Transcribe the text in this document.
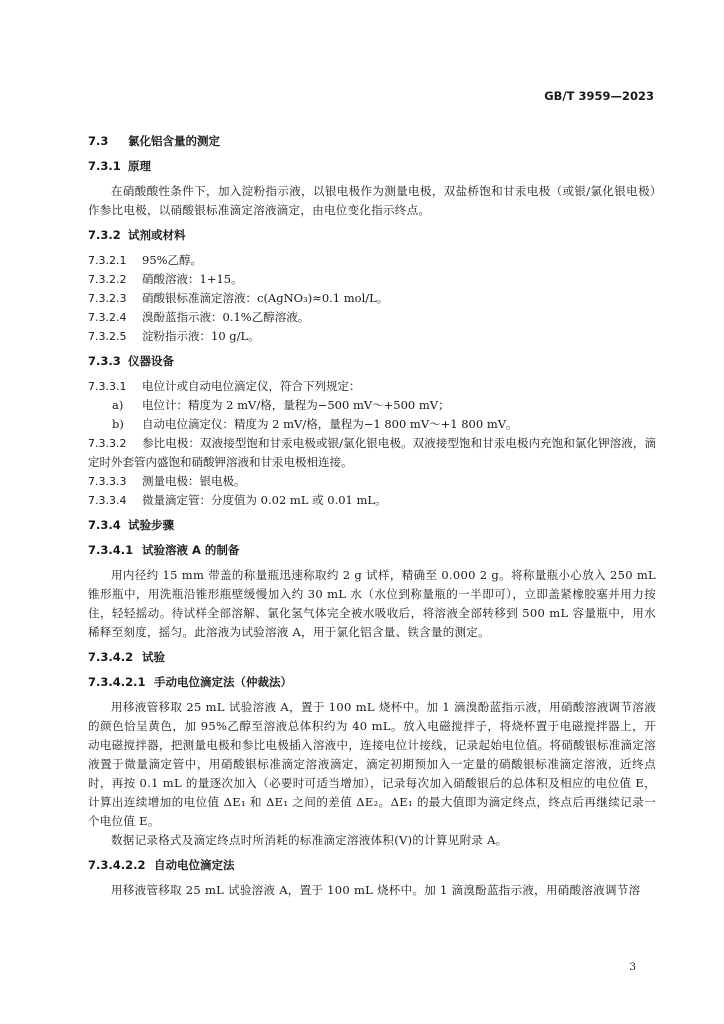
GB/T 3959—2023
7.3 氯化铝含量的测定
7.3.1 原理
在硝酸酸性条件下，加入淀粉指示液，以银电极作为测量电极，双盐桥饱和甘汞电极（或银/氯化银电极）作参比电极，以硝酸银标准滴定溶液滴定，由电位变化指示终点。
7.3.2 试剂或材料
7.3.2.1	95%乙醇。
7.3.2.2	硝酸溶液：1+15。
7.3.2.3	硝酸银标准滴定溶液：c(AgNO₃)≈0.1 mol/L。
7.3.2.4	溴酚蓝指示液：0.1%乙醇溶液。
7.3.2.5	淀粉指示液：10 g/L。
7.3.3 仪器设备
7.3.3.1	电位计或自动电位滴定仪，符合下列规定：
a)	电位计：精度为 2 mV/格，量程为−500 mV～+500 mV；
b)	自动电位滴定仪：精度为 2 mV/格，量程为−1 800 mV～+1 800 mV。
7.3.3.2 参比电极：双液接型饱和甘汞电极或银/氯化银电极。双液接型饱和甘汞电极内充饱和氯化钾溶液，滴定时外套管内盛饱和硝酸钾溶液和甘汞电极相连接。
7.3.3.3	测量电极：银电极。
7.3.3.4	微量滴定管：分度值为 0.02 mL 或 0.01 mL。
7.3.4 试验步骤
7.3.4.1 试验溶液 A 的制备
用内径约 15 mm 带盖的称量瓶迅速称取约 2 g 试样，精确至 0.000 2 g。将称量瓶小心放入 250 mL 锥形瓶中，用洗瓶沿锥形瓶壁缓慢加入约 30 mL 水（水位到称量瓶的一半即可），立即盖紧橡胶塞并用力按住，轻轻摇动。待试样全部溶解、氯化氢气体完全被水吸收后，将溶液全部转移到 500 mL 容量瓶中，用水稀释至刻度，摇匀。此溶液为试验溶液 A，用于氯化铝含量、铁含量的测定。
7.3.4.2 试验
7.3.4.2.1 手动电位滴定法（仲裁法）
用移液管移取 25 mL 试验溶液 A，置于 100 mL 烧杯中。加 1 滴溴酚蓝指示液，用硝酸溶液调节溶液的颜色恰呈黄色，加 95%乙醇至溶液总体积约为 40 mL。放入电磁搅拌子，将烧杯置于电磁搅拌器上，开动电磁搅拌器，把测量电极和参比电极插入溶液中，连接电位计接线，记录起始电位值。将硝酸银标准滴定溶液置于微量滴定管中，用硝酸银标准滴定溶液滴定，滴定初期预加入一定量的硝酸银标准滴定溶液，近终点时，再按 0.1 mL 的量逐次加入（必要时可适当增加），记录每次加入硝酸银后的总体积及相应的电位值 E，计算出连续增加的电位值 ΔE₁ 和 ΔE₁ 之间的差值 ΔE₂。ΔE₁ 的最大值即为滴定终点，终点后再继续记录一个电位值 E。
数据记录格式及滴定终点时所消耗的标准滴定溶液体积(V)的计算见附录 A。
7.3.4.2.2 自动电位滴定法
用移液管移取 25 mL 试验溶液 A，置于 100 mL 烧杯中。加 1 滴溴酚蓝指示液，用硝酸溶液调节溶
3
